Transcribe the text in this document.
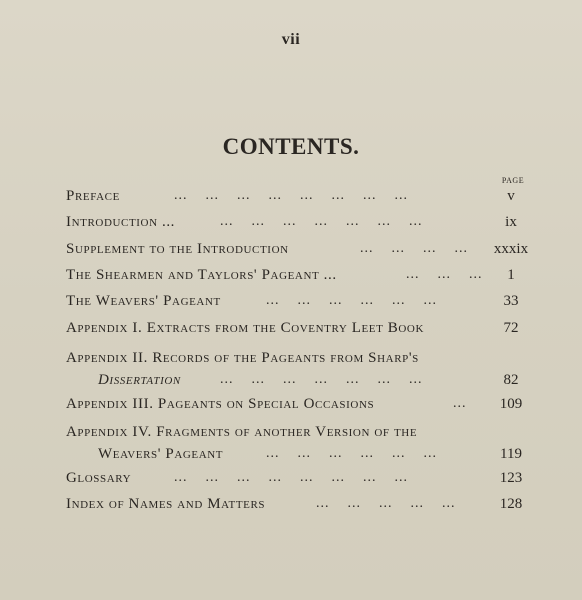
vii
CONTENTS.
PAGE
Preface	...    ...    ...    ...    ...    ...    ...    ...	v
Introduction ...	...    ...    ...    ...    ...    ...    ...	ix
Supplement to the Introduction	...    ...    ...    ...	xxxix
The Shearmen and Taylors' Pageant ...	...    ...    ...	1
The Weavers' Pageant	...    ...    ...    ...    ...    ...	33
Appendix I. Extracts from the Coventry Leet Book	72
Appendix II. Records of the Pageants from Sharp's
Dissertation	...    ...    ...    ...    ...    ...    ...	82
Appendix III. Pageants on Special Occasions	...	109
Appendix IV. Fragments of another Version of the
Weavers' Pageant	...    ...    ...    ...    ...    ...	119
Glossary	...    ...    ...    ...    ...    ...    ...    ...	123
Index of Names and Matters	...    ...    ...    ...    ...	128
